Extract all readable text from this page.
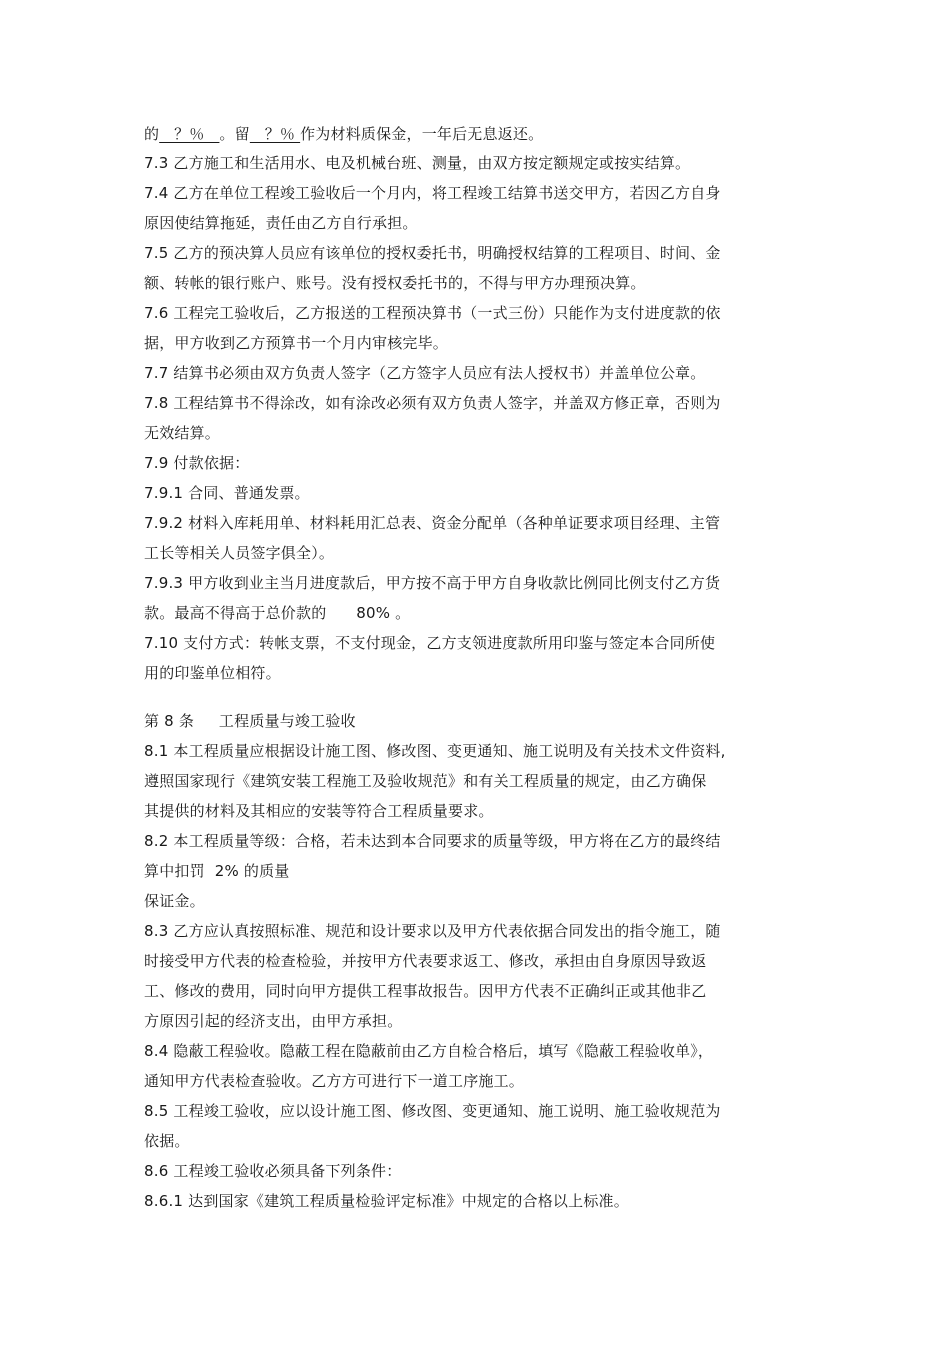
的   ？％   。留   ？％ 作为材料质保金，一年后无息返还。
7.3 乙方施工和生活用水、电及机械台班、测量，由双方按定额规定或按实结算。
7.4 乙方在单位工程竣工验收后一个月内，将工程竣工结算书送交甲方，若因乙方自身
原因使结算拖延，责任由乙方自行承担。
7.5 乙方的预决算人员应有该单位的授权委托书，明确授权结算的工程项目、时间、金
额、转帐的银行账户、账号。没有授权委托书的，不得与甲方办理预决算。
7.6 工程完工验收后，乙方报送的工程预决算书（一式三份）只能作为支付进度款的依
据，甲方收到乙方预算书一个月内审核完毕。
7.7 结算书必须由双方负责人签字（乙方签字人员应有法人授权书）并盖单位公章。
7.8 工程结算书不得涂改，如有涂改必须有双方负责人签字，并盖双方修正章，否则为
无效结算。
7.9 付款依据：
7.9.1 合同、普通发票。
7.9.2 材料入库耗用单、材料耗用汇总表、资金分配单（各种单证要求项目经理、主管
工长等相关人员签字俱全）。
7.9.3 甲方收到业主当月进度款后，甲方按不高于甲方自身收款比例同比例支付乙方货
款。最高不得高于总价款的      80% 。
7.10 支付方式：转帐支票，不支付现金，乙方支领进度款所用印鉴与签定本合同所使
用的印鉴单位相符。
第 8 条     工程质量与竣工验收
8.1 本工程质量应根据设计施工图、修改图、变更通知、施工说明及有关技术文件资料,
遵照国家现行《建筑安装工程施工及验收规范》和有关工程质量的规定，由乙方确保
其提供的材料及其相应的安装等符合工程质量要求。
8.2 本工程质量等级：合格，若未达到本合同要求的质量等级，甲方将在乙方的最终结
算中扣罚  2% 的质量
保证金。
8.3 乙方应认真按照标准、规范和设计要求以及甲方代表依据合同发出的指令施工，随
时接受甲方代表的检查检验，并按甲方代表要求返工、修改，承担由自身原因导致返
工、修改的费用，同时向甲方提供工程事故报告。因甲方代表不正确纠正或其他非乙
方原因引起的经济支出，由甲方承担。
8.4 隐蔽工程验收。隐蔽工程在隐蔽前由乙方自检合格后，填写《隐蔽工程验收单》，
通知甲方代表检查验收。乙方方可进行下一道工序施工。
8.5 工程竣工验收，应以设计施工图、修改图、变更通知、施工说明、施工验收规范为
依据。
8.6 工程竣工验收必须具备下列条件：
8.6.1 达到国家《建筑工程质量检验评定标准》中规定的合格以上标准。
